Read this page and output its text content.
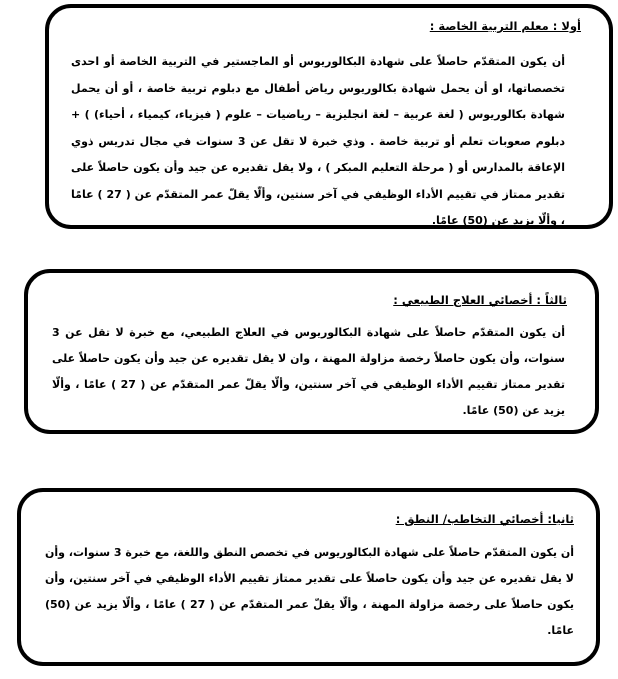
أولا : معلم التربية الخاصة :

أن يكون المتقدّم حاصلاً على شهادة البكالوريوس أو الماجستير في التربية الخاصة أو احدى تخصصاتها، او أن يحمل شهادة بكالوريوس رياض أطفال مع دبلوم تربية خاصة ، أو أن يحمل شهادة بكالوريوس ( لغة عربية – لغة انجليزية – رياضيات – علوم ( فيزياء، كيمياء ، أحياء) ) + دبلوم صعوبات تعلم أو تربية خاصة . وذي خبرة لا تقل عن 3 سنوات في مجال تدريس ذوي الإعاقة بالمدارس أو ( مرحلة التعليم المبكر ) ، ولا يقل تقديره عن جيد وأن يكون حاصلاً على تقدير ممتاز في تقييم الأداء الوظيفي في آخر سنتين، وألّا يقلّ عمر المتقدّم عن ( 27 ) عامًا ، وألّا يزيد عن (50) عامًا.

ثالثاً : أخصائي العلاج الطبيعي :

أن يكون المتقدّم حاصلاً على شهادة البكالوريوس في العلاج الطبيعي، مع خبرة لا تقل عن 3 سنوات، وأن يكون حاصلاً رخصة مزاولة المهنة ، وان لا يقل تقديره عن جيد وأن يكون حاصلاً على تقدير ممتاز تقييم الأداء الوظيفي في آخر سنتين، وألّا يقلّ عمر المتقدّم عن ( 27 ) عامًا ، وألّا يزيد عن (50) عامًا.

ثانيا: أخصائي التخاطب/ النطق :

أن يكون المتقدّم حاصلاً على شهادة البكالوريوس في تخصص النطق واللغة، مع خبرة 3 سنوات، وأن لا يقل تقديره عن جيد وأن يكون حاصلاً على تقدير ممتاز تقييم الأداء الوظيفي في آخر سنتين، وأن يكون حاصلاً على رخصة مزاولة المهنة ، وألّا يقلّ عمر المتقدّم عن ( 27 ) عامًا ، وألّا يزيد عن (50) عامًا.
